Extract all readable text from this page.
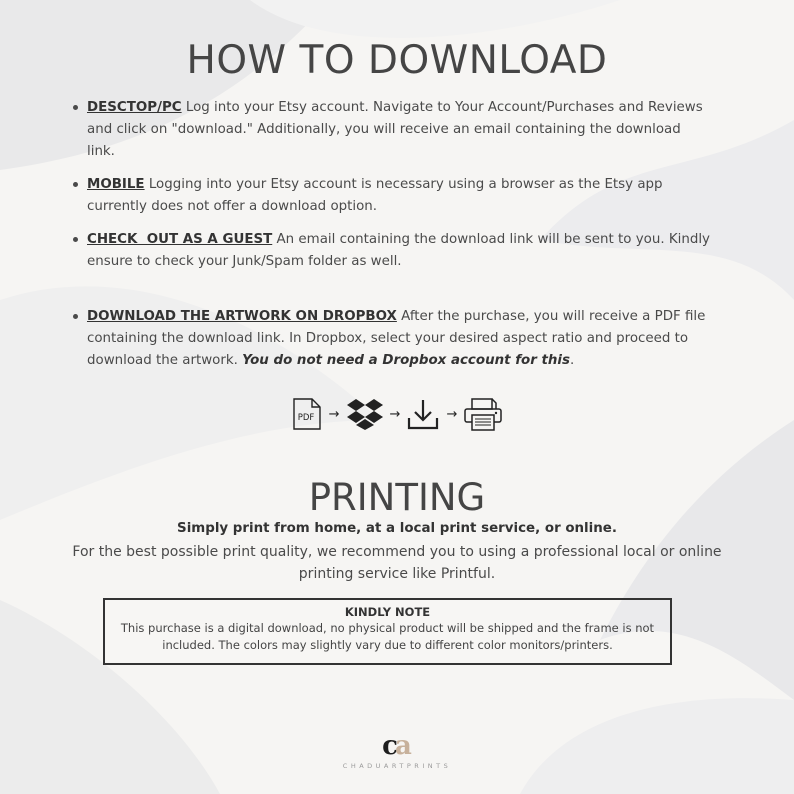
HOW TO DOWNLOAD
DESCTOP/PC Log into your Etsy account. Navigate to Your Account/Purchases and Reviews and click on "download." Additionally, you will receive an email containing the download link.
MOBILE Logging into your Etsy account is necessary using a browser as the Etsy app currently does not offer a download option.
CHECK  OUT AS A GUEST An email containing the download link will be sent to you. Kindly ensure to check your Junk/Spam folder as well.
DOWNLOAD THE ARTWORK ON DROPBOX After the purchase, you will receive a PDF file containing the download link. In Dropbox, select your desired aspect ratio and proceed to download the artwork. You do not need a Dropbox account for this.
PDF →	→	→
PRINTING
Simply print from home, at a local print service, or online.
For the best possible print quality, we recommend you to using a professional local or online printing service like Printful.
KINDLY NOTE
This purchase is a digital download, no physical product will be shipped and the frame is not included. The colors may slightly vary due to different color monitors/printers.
ca
CHADUARTPRINTS
